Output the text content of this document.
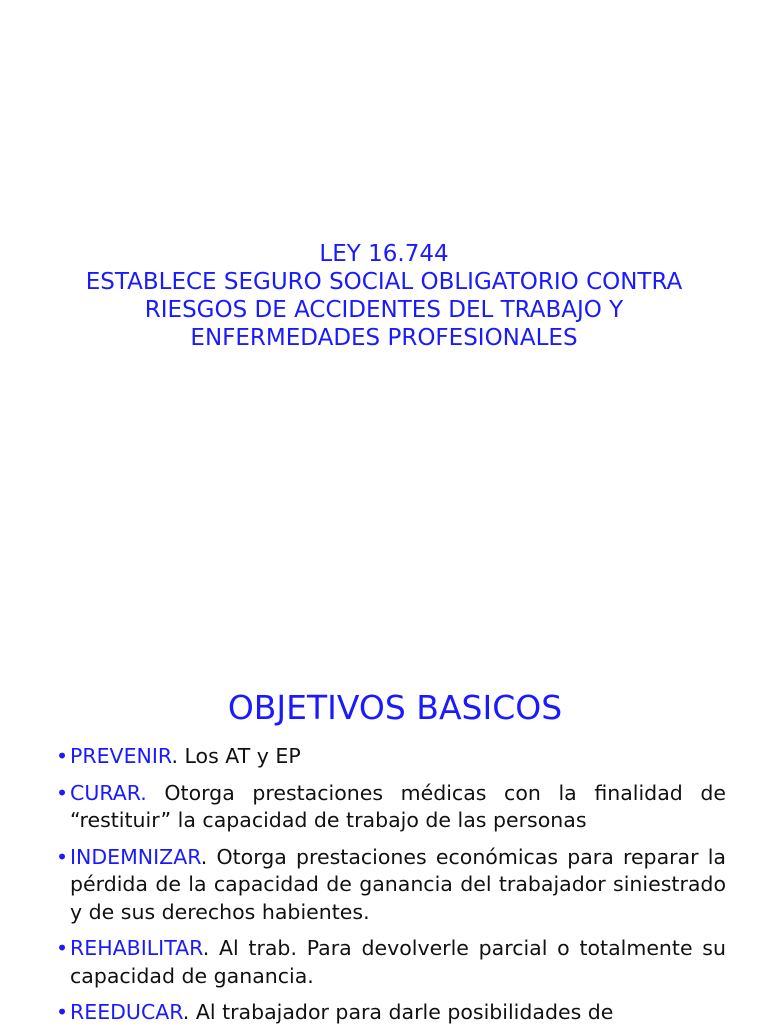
LEY 16.744
ESTABLECE SEGURO SOCIAL OBLIGATORIO CONTRA
RIESGOS DE ACCIDENTES DEL TRABAJO Y
ENFERMEDADES PROFESIONALES
OBJETIVOS BASICOS
• PREVENIR. Los AT y EP
• CURAR. Otorga prestaciones médicas con la finalidad de “restituir” la capacidad de trabajo de las personas
• INDEMNIZAR. Otorga prestaciones económicas para reparar la pérdida de la capacidad de ganancia del trabajador siniestrado y de sus derechos habientes.
• REHABILITAR. Al trab. Para devolverle parcial o totalmente su capacidad de ganancia.
• REEDUCAR. Al trabajador para darle posibilidades de
